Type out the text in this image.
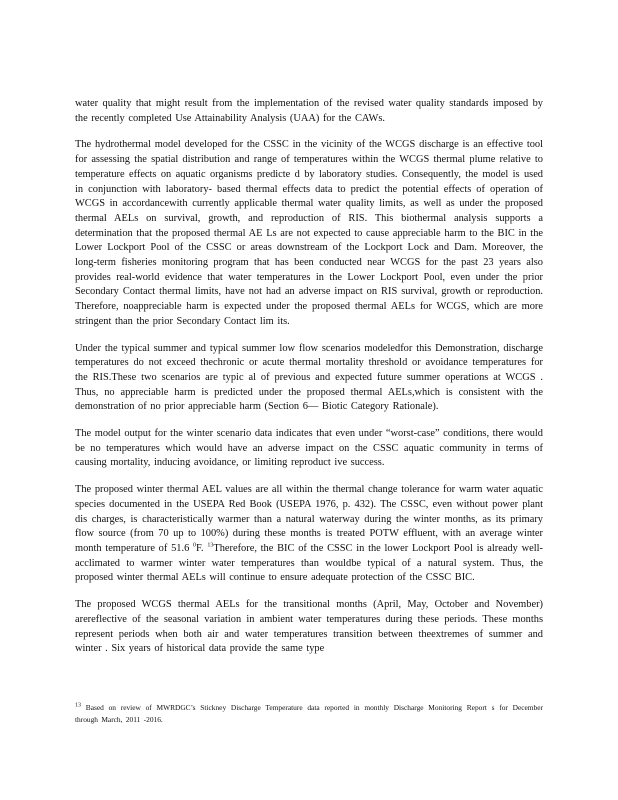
water quality that might result from the implementation of the revised water quality standards imposed by the recently completed Use Attainability Analysis (UAA) for the CAWs.

The hydrothermal model developed for the CSSC in the vicinity of the WCGS discharge is an effective tool for assessing the spatial distribution and range of temperatures within the WCGS thermal plume relative to temperature effects on aquatic organisms predicte d by laboratory studies. Consequently, the model is used in conjunction with laboratory- based thermal effects data to predict the potential effects of operation of WCGS in accordancewith currently applicable thermal water quality limits, as well as under the proposed thermal AELs on survival, growth, and reproduction of RIS. This biothermal analysis supports a determination that the proposed thermal AE Ls are not expected to cause appreciable harm to the BIC in the Lower Lockport Pool of the CSSC or areas downstream of the Lockport Lock and Dam. Moreover, the long-term fisheries monitoring program that has been conducted near WCGS for the past 23 years also provides real-world evidence that water temperatures in the Lower Lockport Pool, even under the prior Secondary Contact thermal limits, have not had an adverse impact on RIS survival, growth or reproduction. Therefore, noappreciable harm is expected under the proposed thermal AELs for WCGS, which are more stringent than the prior Secondary Contact lim its.

Under the typical summer and typical summer low flow scenarios modeledfor this Demonstration, discharge temperatures do not exceed thechronic or acute thermal mortality threshold or avoidance temperatures for the RIS.These two scenarios are typic al of previous and expected future summer operations at WCGS . Thus, no appreciable harm is predicted under the proposed thermal AELs,which is consistent with the demonstration of no prior appreciable harm (Section 6— Biotic Category Rationale).

The model output for the winter scenario data indicates that even under “worst-case” conditions, there would be no temperatures which would have an adverse impact on the CSSC aquatic community in terms of causing mortality, inducing avoidance, or limiting reproduct ive success.

The proposed winter thermal AEL values are all within the thermal change tolerance for warm water aquatic species documented in the USEPA Red Book (USEPA 1976, p. 432). The CSSC, even without power plant dis charges, is characteristically warmer than a natural waterway during the winter months, as its primary flow source (from 70 up to 100%) during these months is treated POTW effluent, with an average winter month temperature of 51.6 $^0$F. $^{13}$Therefore, the BIC of the CSSC in the lower Lockport Pool is already well- acclimated to warmer winter water temperatures than wouldbe typical of a natural system. Thus, the proposed winter thermal AELs will continue to ensure adequate protection of the CSSC BIC.

The proposed WCGS thermal AELs for the transitional months (April, May, October and November) arereflective of the seasonal variation in ambient water temperatures during these periods. These months represent periods when both air and water temperatures transition between theextremes of summer and winter . Six years of historical data provide the same type

$^{13}$ Based on review of MWRDGC’s Stickney Discharge Temperature data reported in monthly Discharge Monitoring Report s for December through March, 2011 -2016.
